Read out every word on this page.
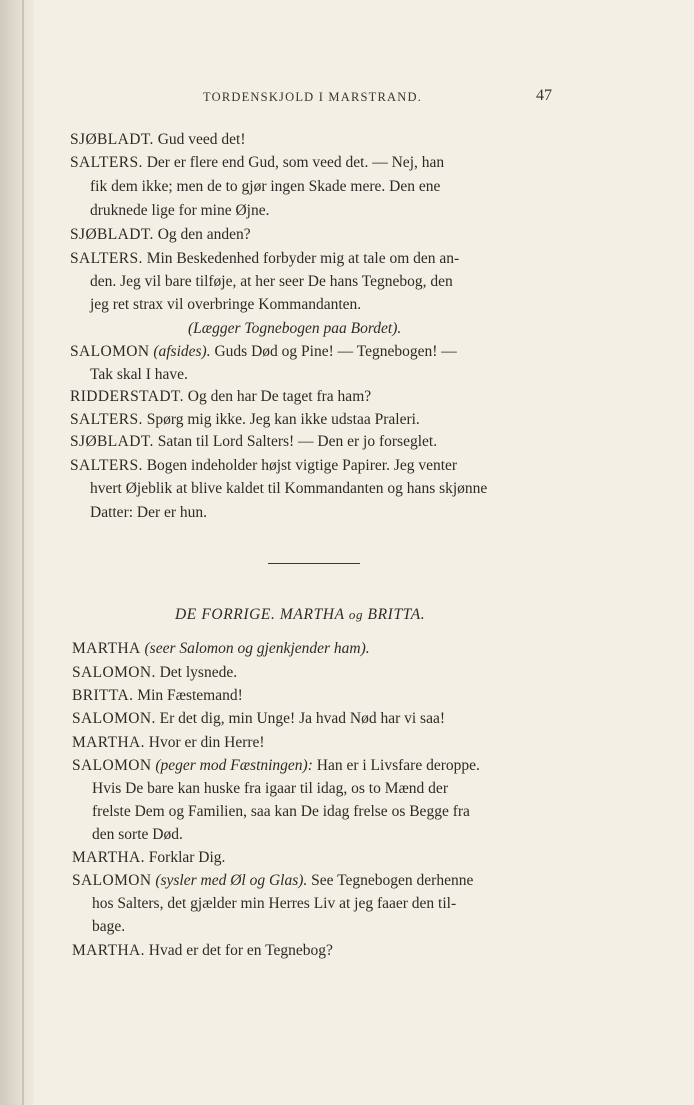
TORDENSKJOLD I MARSTRAND.	47
SJØBLADT. Gud veed det!
SALTERS. Der er flere end Gud, som veed det. — Nej, han
fik dem ikke; men de to gjør ingen Skade mere. Den ene
druknede lige for mine Øjne.
SJØBLADT. Og den anden?
SALTERS. Min Beskedenhed forbyder mig at tale om den an-
den. Jeg vil bare tilføje, at her seer De hans Tegnebog, den
jeg ret strax vil overbringe Kommandanten.
(Lægger Tognebogen paa Bordet).
SALOMON (afsides). Guds Død og Pine! — Tegnebogen! —
Tak skal I have.
RIDDERSTADT. Og den har De taget fra ham?
SALTERS. Spørg mig ikke. Jeg kan ikke udstaa Praleri.
SJØBLADT. Satan til Lord Salters! — Den er jo forseglet.
SALTERS. Bogen indeholder højst vigtige Papirer. Jeg venter
hvert Øjeblik at blive kaldet til Kommandanten og hans skjønne
Datter: Der er hun.
DE FORRIGE. MARTHA og BRITTA.
MARTHA (seer Salomon og gjenkjender ham).
SALOMON. Det lysnede.
BRITTA. Min Fæstemand!
SALOMON. Er det dig, min Unge! Ja hvad Nød har vi saa!
MARTHA. Hvor er din Herre!
SALOMON (peger mod Fæstningen): Han er i Livsfare deroppe.
Hvis De bare kan huske fra igaar til idag, os to Mænd der
frelste Dem og Familien, saa kan De idag frelse os Begge fra
den sorte Død.
MARTHA. Forklar Dig.
SALOMON (sysler med Øl og Glas). See Tegnebogen derhenne
hos Salters, det gjælder min Herres Liv at jeg faaer den til-
bage.
MARTHA. Hvad er det for en Tegnebog?
